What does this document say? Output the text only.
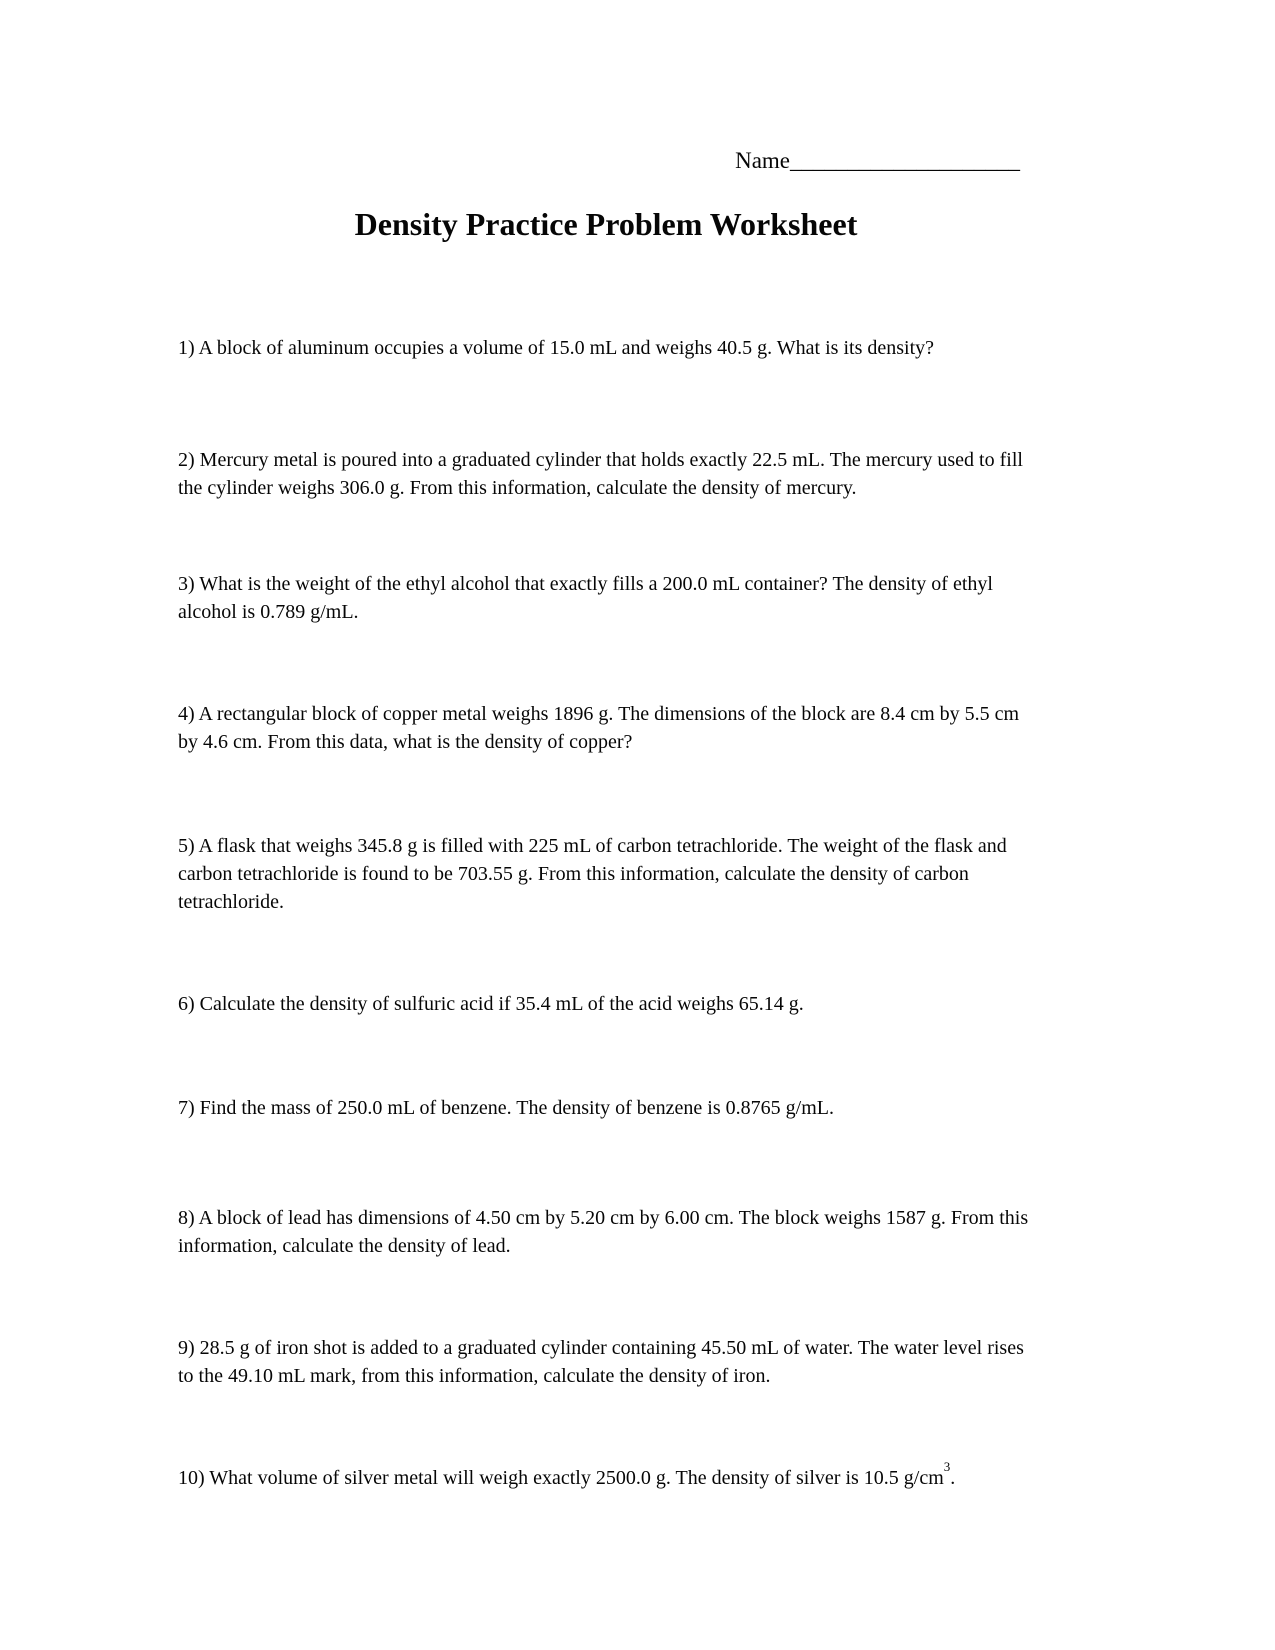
Name____________________
Density Practice Problem Worksheet

1) A block of aluminum occupies a volume of 15.0 mL and weighs 40.5 g. What is its density?

2) Mercury metal is poured into a graduated cylinder that holds exactly 22.5 mL. The mercury used to fill the cylinder weighs 306.0 g. From this information, calculate the density of mercury.

3) What is the weight of the ethyl alcohol that exactly fills a 200.0 mL container? The density of ethyl alcohol is 0.789 g/mL.

4) A rectangular block of copper metal weighs 1896 g. The dimensions of the block are 8.4 cm by 5.5 cm by 4.6 cm. From this data, what is the density of copper?

5) A flask that weighs 345.8 g is filled with 225 mL of carbon tetrachloride. The weight of the flask and carbon tetrachloride is found to be 703.55 g. From this information, calculate the density of carbon tetrachloride.

6) Calculate the density of sulfuric acid if 35.4 mL of the acid weighs 65.14 g.

7) Find the mass of 250.0 mL of benzene. The density of benzene is 0.8765 g/mL.

8) A block of lead has dimensions of 4.50 cm by 5.20 cm by 6.00 cm. The block weighs 1587 g. From this information, calculate the density of lead.

9) 28.5 g of iron shot is added to a graduated cylinder containing 45.50 mL of water. The water level rises to the 49.10 mL mark, from this information, calculate the density of iron.

10) What volume of silver metal will weigh exactly 2500.0 g. The density of silver is 10.5 $g/cm^3$.
